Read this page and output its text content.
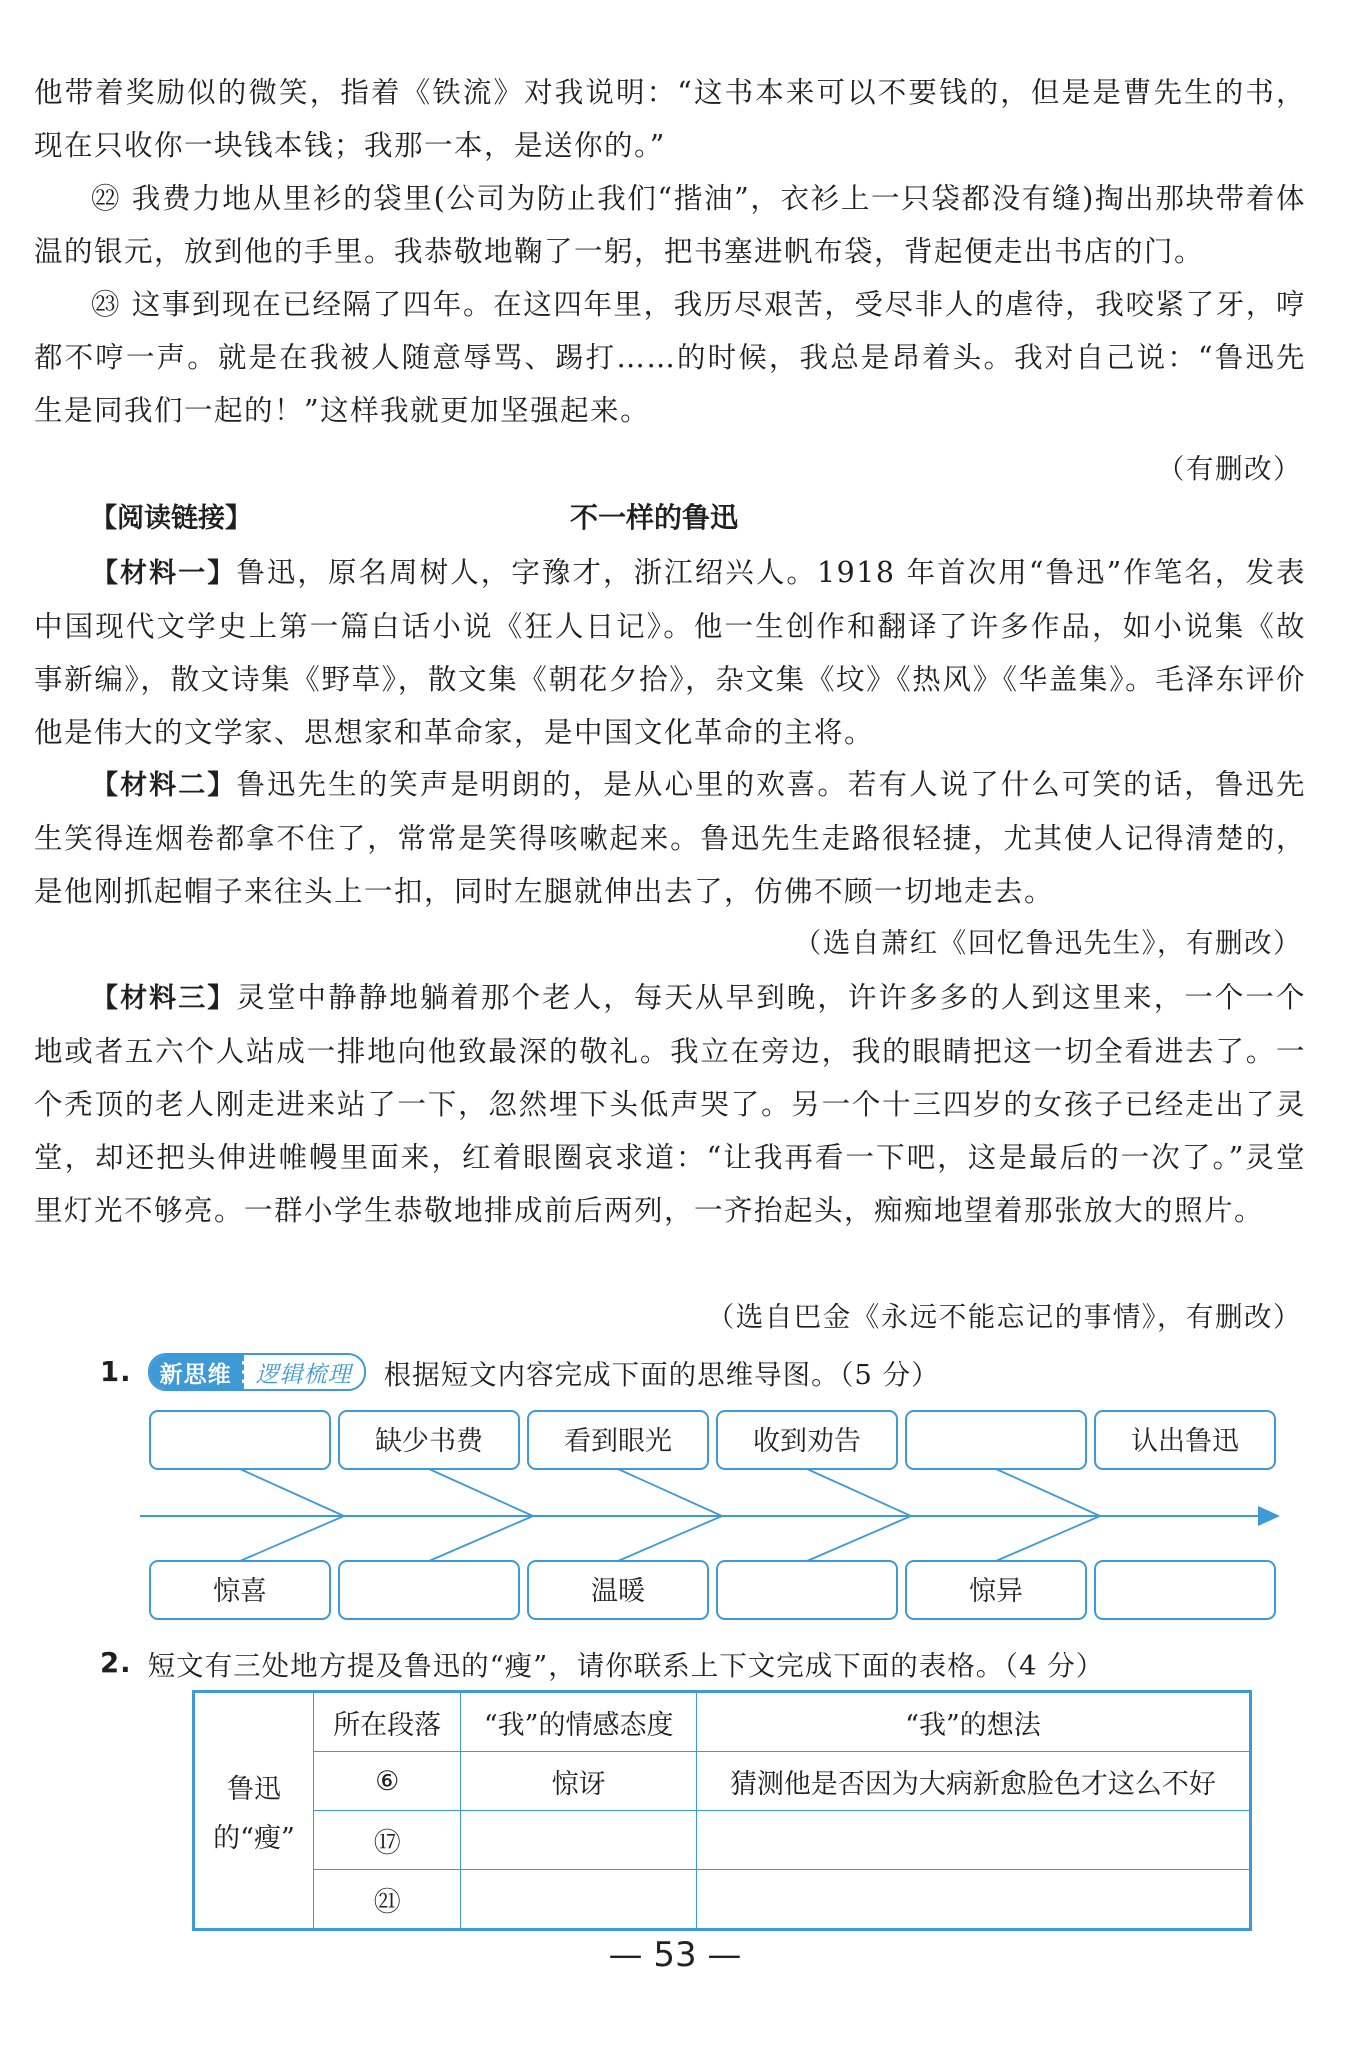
他带着奖励似的微笑，指着《铁流》对我说明：“这书本来可以不要钱的，但是是曹先生的书，现在只收你一块钱本钱；我那一本，是送你的。”

㉒ 我费力地从里衫的袋里(公司为防止我们“揩油”，衣衫上一只袋都没有缝)掏出那块带着体温的银元，放到他的手里。我恭敬地鞠了一躬，把书塞进帆布袋，背起便走出书店的门。

㉓ 这事到现在已经隔了四年。在这四年里，我历尽艰苦，受尽非人的虐待，我咬紧了牙，哼都不哼一声。就是在我被人随意辱骂、踢打……的时候，我总是昂着头。我对自己说：“鲁迅先生是同我们一起的！”这样我就更加坚强起来。

（有删改）

【阅读链接】	不一样的鲁迅

【材料一】鲁迅，原名周树人，字豫才，浙江绍兴人。1918 年首次用“鲁迅”作笔名，发表中国现代文学史上第一篇白话小说《狂人日记》。他一生创作和翻译了许多作品，如小说集《故事新编》，散文诗集《野草》，散文集《朝花夕拾》，杂文集《坟》《热风》《华盖集》。毛泽东评价他是伟大的文学家、思想家和革命家，是中国文化革命的主将。

【材料二】鲁迅先生的笑声是明朗的，是从心里的欢喜。若有人说了什么可笑的话，鲁迅先生笑得连烟卷都拿不住了，常常是笑得咳嗽起来。鲁迅先生走路很轻捷，尤其使人记得清楚的，是他刚抓起帽子来往头上一扣，同时左腿就伸出去了，仿佛不顾一切地走去。

（选自萧红《回忆鲁迅先生》，有删改）

【材料三】灵堂中静静地躺着那个老人，每天从早到晚，许许多多的人到这里来，一个一个地或者五六个人站成一排地向他致最深的敬礼。我立在旁边，我的眼睛把这一切全看进去了。一个秃顶的老人刚走进来站了一下，忽然埋下头低声哭了。另一个十三四岁的女孩子已经走出了灵堂，却还把头伸进帷幔里面来，红着眼圈哀求道：“让我再看一下吧，这是最后的一次了。”灵堂里灯光不够亮。一群小学生恭敬地排成前后两列，一齐抬起头，痴痴地望着那张放大的照片。

（选自巴金《永远不能忘记的事情》，有删改）

1.	新思维	逻辑梳理	根据短文内容完成下面的思维导图。（5 分）
缺少书费	看到眼光	收到劝告	认出鲁迅
惊喜	温暖	惊异
2. 短文有三处地方提及鲁迅的“瘦”，请你联系上下文完成下面的表格。（4 分）
鲁迅
的“瘦”	所在段落	“我”的情感态度	“我”的想法
	⑥	惊讶	猜测他是否因为大病新愈脸色才这么不好
	⑰		
	㉑		
— 53 —
